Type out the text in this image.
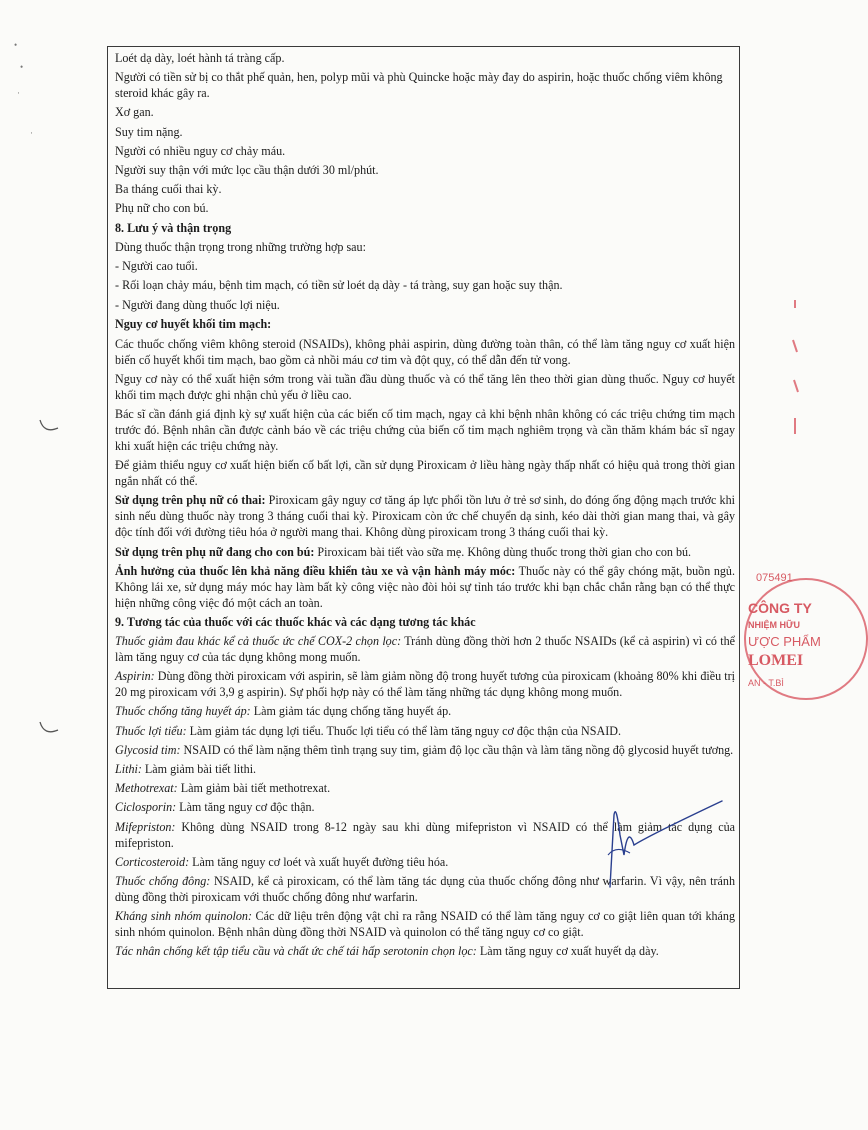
•
•
·
·

Loét dạ dày, loét hành tá tràng cấp.

Người có tiền sử bị co thắt phế quản, hen, polyp mũi và phù Quincke hoặc mày đay do aspirin, hoặc thuốc chống viêm không steroid khác gây ra.

Xơ gan.

Suy tim nặng.

Người có nhiều nguy cơ chảy máu.

Người suy thận với mức lọc cầu thận dưới 30 ml/phút.

Ba tháng cuối thai kỳ.

Phụ nữ cho con bú.

8. Lưu ý và thận trọng

Dùng thuốc thận trọng trong những trường hợp sau:

- Người cao tuổi.

- Rối loạn chảy máu, bệnh tim mạch, có tiền sử loét dạ dày - tá tràng, suy gan hoặc suy thận.

- Người đang dùng thuốc lợi niệu.

Nguy cơ huyết khối tim mạch:

Các thuốc chống viêm không steroid (NSAIDs), không phải aspirin, dùng đường toàn thân, có thể làm tăng nguy cơ xuất hiện biến cố huyết khối tim mạch, bao gồm cả nhồi máu cơ tim và đột quỵ, có thể dẫn đến tử vong.

Nguy cơ này có thể xuất hiện sớm trong vài tuần đầu dùng thuốc và có thể tăng lên theo thời gian dùng thuốc. Nguy cơ huyết khối tim mạch được ghi nhận chủ yếu ở liều cao.

Bác sĩ cần đánh giá định kỳ sự xuất hiện của các biến cố tim mạch, ngay cả khi bệnh nhân không có các triệu chứng tim mạch trước đó. Bệnh nhân cần được cảnh báo về các triệu chứng của biến cố tim mạch nghiêm trọng và cần thăm khám bác sĩ ngay khi xuất hiện các triệu chứng này.

Để giảm thiểu nguy cơ xuất hiện biến cố bất lợi, cần sử dụng Piroxicam ở liều hàng ngày thấp nhất có hiệu quả trong thời gian ngắn nhất có thể.

Sử dụng trên phụ nữ có thai: Piroxicam gây nguy cơ tăng áp lực phổi tồn lưu ở trẻ sơ sinh, do đóng ống động mạch trước khi sinh nếu dùng thuốc này trong 3 tháng cuối thai kỳ. Piroxicam còn ức chế chuyển dạ sinh, kéo dài thời gian mang thai, và gây độc tính đối với đường tiêu hóa ở người mang thai. Không dùng piroxicam trong 3 tháng cuối thai kỳ.

Sử dụng trên phụ nữ đang cho con bú: Piroxicam bài tiết vào sữa mẹ. Không dùng thuốc trong thời gian cho con bú.

Ảnh hưởng của thuốc lên khả năng điều khiển tàu xe và vận hành máy móc: Thuốc này có thể gây chóng mặt, buồn ngủ. Không lái xe, sử dụng máy móc hay làm bất kỳ công việc nào đòi hỏi sự tỉnh táo trước khi bạn chắc chắn rằng bạn có thể thực hiện những công việc đó một cách an toàn.

9. Tương tác của thuốc với các thuốc khác và các dạng tương tác khác

Thuốc giảm đau khác kể cả thuốc ức chế COX-2 chọn lọc: Tránh dùng đồng thời hơn 2 thuốc NSAIDs (kể cả aspirin) vì có thể làm tăng nguy cơ của tác dụng không mong muốn.

Aspirin: Dùng đồng thời piroxicam với aspirin, sẽ làm giảm nồng độ trong huyết tương của piroxicam (khoảng 80% khi điều trị 20 mg piroxicam với 3,9 g aspirin). Sự phối hợp này có thể làm tăng những tác dụng không mong muốn.

Thuốc chống tăng huyết áp: Làm giảm tác dụng chống tăng huyết áp.

Thuốc lợi tiểu: Làm giảm tác dụng lợi tiểu. Thuốc lợi tiểu có thể làm tăng nguy cơ độc thận của NSAID.

Glycosid tim: NSAID có thể làm nặng thêm tình trạng suy tim, giảm độ lọc cầu thận và làm tăng nồng độ glycosid huyết tương.

Lithi: Làm giảm bài tiết lithi.

Methotrexat: Làm giảm bài tiết methotrexat.

Ciclosporin: Làm tăng nguy cơ độc thận.

Mifepriston: Không dùng NSAID trong 8-12 ngày sau khi dùng mifepriston vì NSAID có thể làm giảm tác dụng của mifepriston.

Corticosteroid: Làm tăng nguy cơ loét và xuất huyết đường tiêu hóa.

Thuốc chống đông: NSAID, kể cả piroxicam, có thể làm tăng tác dụng của thuốc chống đông như warfarin. Vì vậy, nên tránh dùng đồng thời piroxicam với thuốc chống đông như warfarin.

Kháng sinh nhóm quinolon: Các dữ liệu trên động vật chỉ ra rằng NSAID có thể làm tăng nguy cơ co giật liên quan tới kháng sinh nhóm quinolon. Bệnh nhân dùng đồng thời NSAID và quinolon có thể tăng nguy cơ co giật.

Tác nhân chống kết tập tiểu cầu và chất ức chế tái hấp serotonin chọn lọc: Làm tăng nguy cơ xuất huyết dạ dày.

075491
CÔNG TY
NHIỆM HỮU
ƯỢC PHẨM
LOMEI
AN - T.BÌ
